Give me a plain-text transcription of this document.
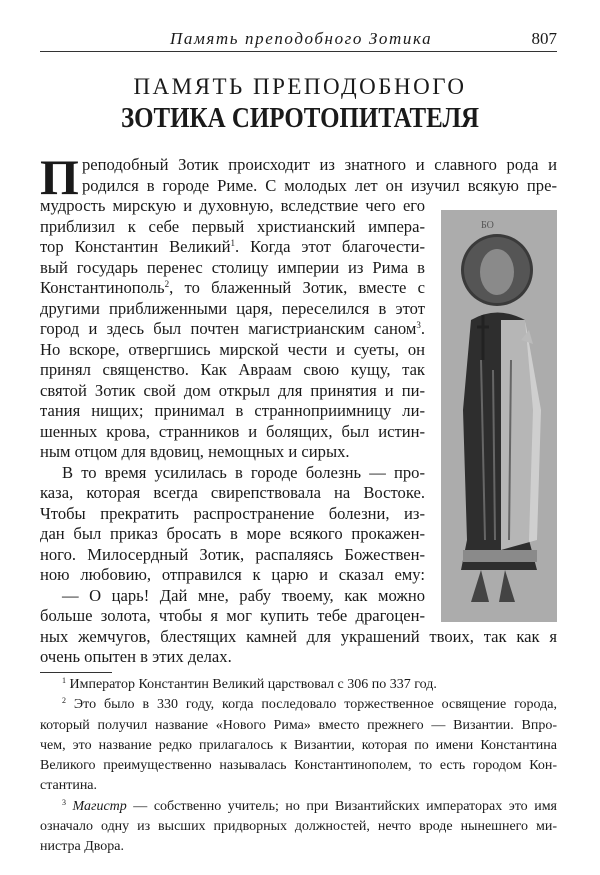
Память преподобного Зотика	807
ПАМЯТЬ ПРЕПОДОБНОГО
ЗОТИКА СИРОТОПИТАТЕЛЯ
П реподобный Зотик происходит из знатного и славного рода и
родился в городе Риме. С молодых лет он изучил всякую пре-
мудрость мирскую и духовную, вследствие чего его
приблизил к себе первый христианский импера-
тор Константин Великий$^1$. Когда этот благочести-
вый государь перенес столицу империи из Рима в
Константинополь$^2$, то блаженный Зотик, вместе с
другими приближенными царя, переселился в этот
город и здесь был почтен магистрианским саном$^3$.
Но вскоре, отвергшись мирской чести и суеты, он
принял священство. Как Авраам свою кущу, так
святой Зотик свой дом открыл для принятия и пи-
тания нищих; принимал в странноприимницу ли-
шенных крова, странников и болящих, был истин-
ным отцом для вдовиц, немощных и сирых.
В то время усилилась в городе болезнь — про-
каза, которая всегда свирепствовала на Востоке.
Чтобы прекратить распространение болезни, из-
дан был приказ бросать в море всякого прокажен-
ного. Милосердный Зотик, распаляясь Божествен-
ною любовию, отправился к царю и сказал ему:
— О царь! Дай мне, рабу твоему, как можно
больше золота, чтобы я мог купить тебе драгоцен-
ных жемчугов, блестящих камней для украшений твоих, так как я
очень опытен в этих делах.
БО
$^1$ Император Константин Великий царствовал с 306 по 337 год.
$^2$ Это было в 330 году, когда последовало торжественное освящение города,
который получил название «Нового Рима» вместо прежнего — Византии. Впро-
чем, это название редко прилагалось к Византии, которая по имени Константина
Великого преимущественно называлась Константинополем, то есть городом Кон-
стантина.
$^3$ Магистр — собственно учитель; но при Византийских императорах это имя
означало одну из высших придворных должностей, нечто вроде нынешнего ми-
нистра Двора.
